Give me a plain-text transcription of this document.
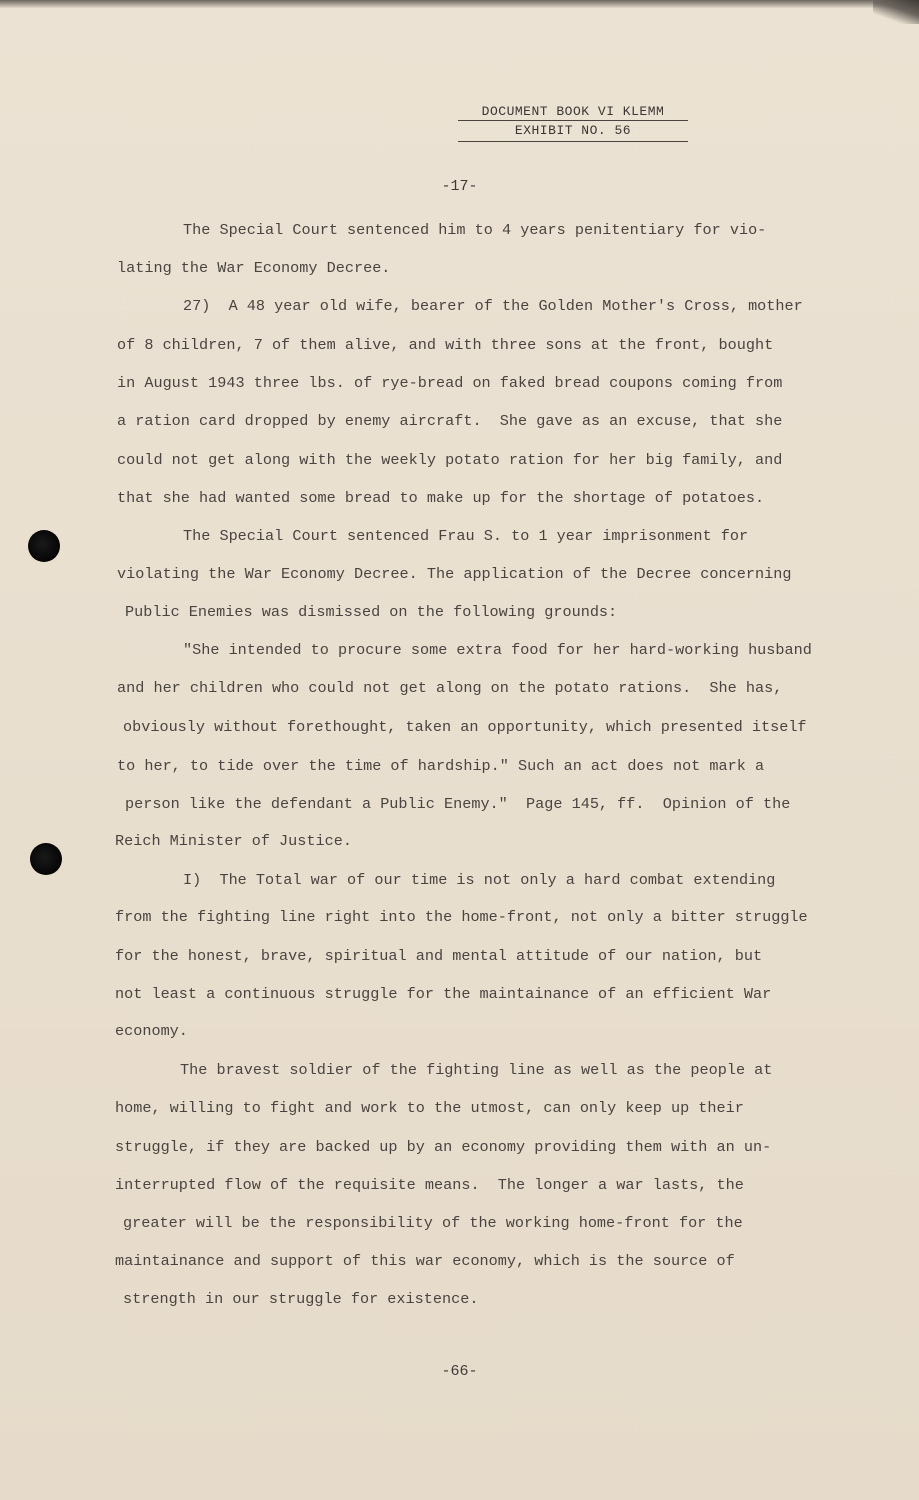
DOCUMENT BOOK VI KLEMM
EXHIBIT NO. 56
-17-
The Special Court sentenced him to 4 years penitentiary for vio-
lating the War Economy Decree.
27)  A 48 year old wife, bearer of the Golden Mother's Cross, mother
of 8 children, 7 of them alive, and with three sons at the front, bought
in August 1943 three lbs. of rye-bread on faked bread coupons coming from
a ration card dropped by enemy aircraft.  She gave as an excuse, that she
could not get along with the weekly potato ration for her big family, and
that she had wanted some bread to make up for the shortage of potatoes.
The Special Court sentenced Frau S. to 1 year imprisonment for
violating the War Economy Decree. The application of the Decree concerning
Public Enemies was dismissed on the following grounds:
"She intended to procure some extra food for her hard-working husband
and her children who could not get along on the potato rations.  She has,
obviously without forethought, taken an opportunity, which presented itself
to her, to tide over the time of hardship." Such an act does not mark a
person like the defendant a Public Enemy."  Page 145, ff.  Opinion of the
Reich Minister of Justice.
I)  The Total war of our time is not only a hard combat extending
from the fighting line right into the home-front, not only a bitter struggle
for the honest, brave, spiritual and mental attitude of our nation, but
not least a continuous struggle for the maintainance of an efficient War
economy.
The bravest soldier of the fighting line as well as the people at
home, willing to fight and work to the utmost, can only keep up their
struggle, if they are backed up by an economy providing them with an un-
interrupted flow of the requisite means.  The longer a war lasts, the
greater will be the responsibility of the working home-front for the
maintainance and support of this war economy, which is the source of
strength in our struggle for existence.
-66-
